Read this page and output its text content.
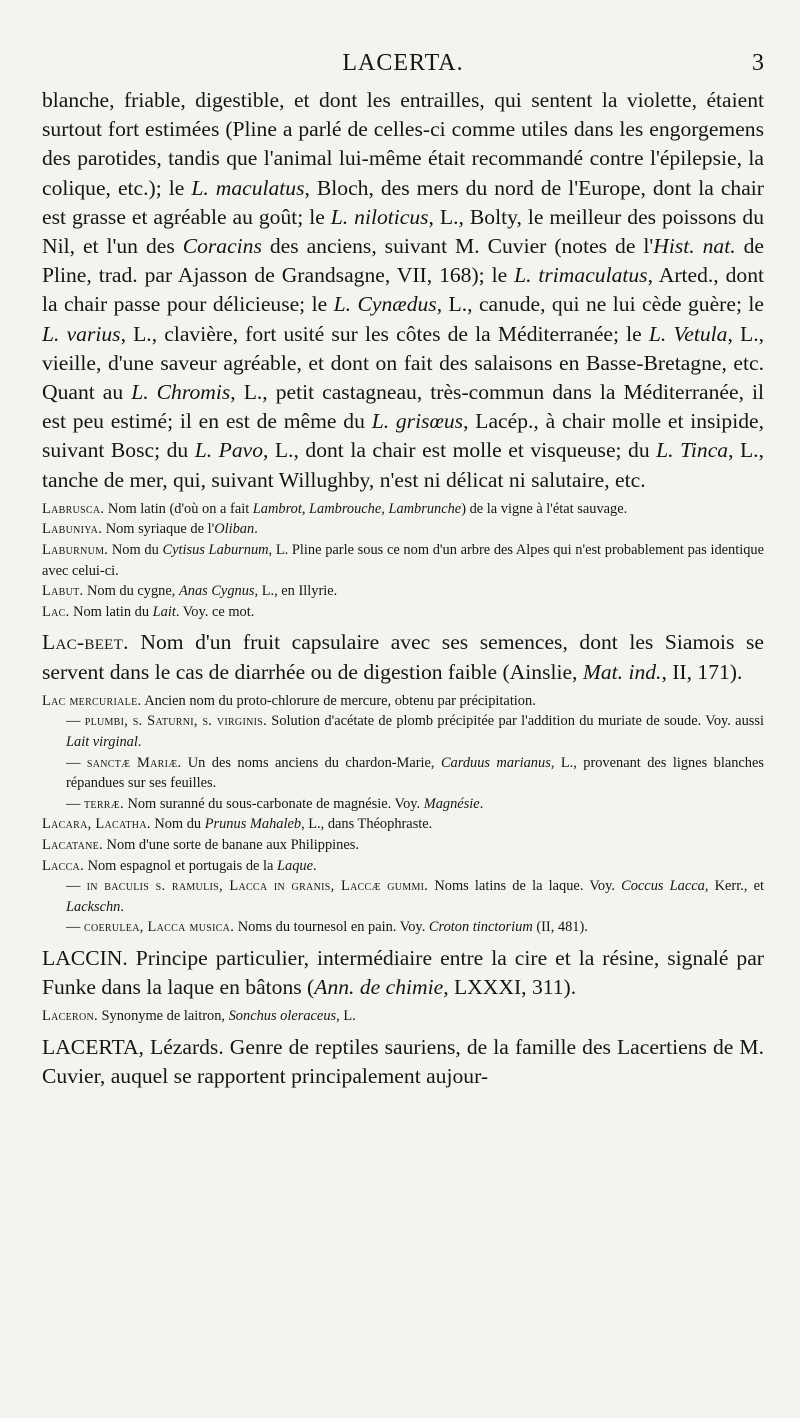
LACERTA.	3

blanche, friable, digestible, et dont les entrailles, qui sentent la violette, étaient surtout fort estimées (Pline a parlé de celles-ci comme utiles dans les engorgemens des parotides, tandis que l'animal lui-même était recommandé contre l'épilepsie, la colique, etc.); le L. maculatus, Bloch, des mers du nord de l'Europe, dont la chair est grasse et agréable au goût; le L. niloticus, L., Bolty, le meilleur des poissons du Nil, et l'un des Coracins des anciens, suivant M. Cuvier (notes de l'Hist. nat. de Pline, trad. par Ajasson de Grandsagne, VII, 168); le L. trimaculatus, Arted., dont la chair passe pour délicieuse; le L. Cynædus, L., canude, qui ne lui cède guère; le L. varius, L., clavière, fort usité sur les côtes de la Méditerranée; le L. Vetula, L., vieille, d'une saveur agréable, et dont on fait des salaisons en Basse-Bretagne, etc. Quant au L. Chromis, L., petit castagneau, très-commun dans la Méditerranée, il est peu estimé; il en est de même du L. grisœus, Lacép., à chair molle et insipide, suivant Bosc; du L. Pavo, L., dont la chair est molle et visqueuse; du L. Tinca, L., tanche de mer, qui, suivant Willughby, n'est ni délicat ni salutaire, etc.

Labrusca. Nom latin (d'où on a fait Lambrot, Lambrouche, Lambrunche) de la vigne à l'état sauvage.

Labuniya. Nom syriaque de l'Oliban.

Laburnum. Nom du Cytisus Laburnum, L. Pline parle sous ce nom d'un arbre des Alpes qui n'est probablement pas identique avec celui-ci.

Labut. Nom du cygne, Anas Cygnus, L., en Illyrie.

Lac. Nom latin du Lait. Voy. ce mot.

Lac-beet. Nom d'un fruit capsulaire avec ses semences, dont les Siamois se servent dans le cas de diarrhée ou de digestion faible (Ainslie, Mat. ind., II, 171).

Lac mercuriale. Ancien nom du proto-chlorure de mercure, obtenu par précipitation.

— plumbi, s. Saturni, s. virginis. Solution d'acétate de plomb précipitée par l'addition du muriate de soude. Voy. aussi Lait virginal.

— sanctæ Mariæ. Un des noms anciens du chardon-Marie, Carduus marianus, L., provenant des lignes blanches répandues sur ses feuilles.

— terræ. Nom suranné du sous-carbonate de magnésie. Voy. Magnésie.

Lacara, Lacatha. Nom du Prunus Mahaleb, L., dans Théophraste.

Lacatane. Nom d'une sorte de banane aux Philippines.

Lacca. Nom espagnol et portugais de la Laque.

— in baculis s. ramulis, Lacca in granis, Laccæ gummi. Noms latins de la laque. Voy. Coccus Lacca, Kerr., et Lackschn.

— coerulea, Lacca musica. Noms du tournesol en pain. Voy. Croton tinctorium (II, 481).

LACCIN. Principe particulier, intermédiaire entre la cire et la résine, signalé par Funke dans la laque en bâtons (Ann. de chimie, LXXXI, 311).

Laceron. Synonyme de laitron, Sonchus oleraceus, L.

LACERTA, Lézards. Genre de reptiles sauriens, de la famille des Lacertiens de M. Cuvier, auquel se rapportent principalement aujour-
